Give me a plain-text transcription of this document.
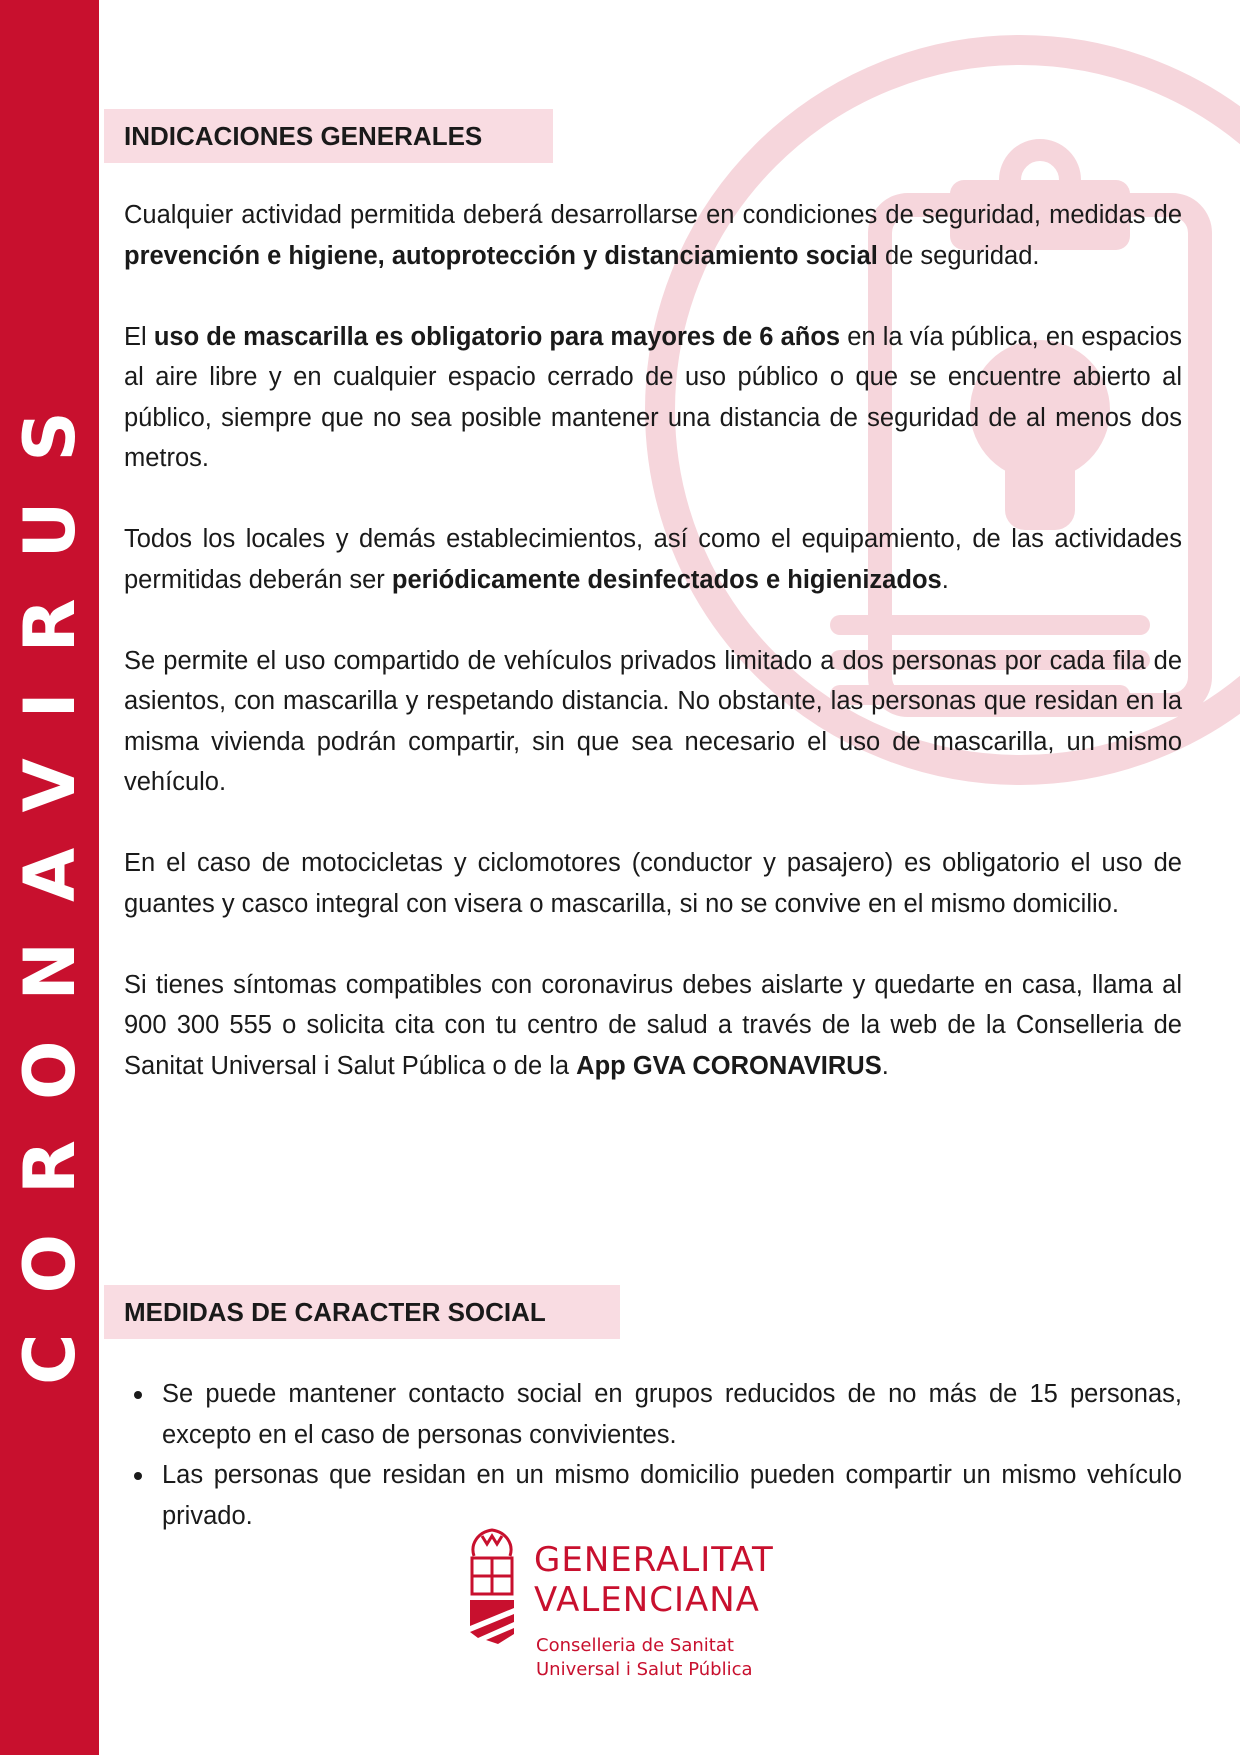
CORONAVIRUS
INDICACIONES GENERALES

Cualquier actividad permitida deberá desarrollarse en condiciones de seguridad, medidas de prevención e higiene, autoprotección y distanciamiento social de seguridad.

El uso de mascarilla es obligatorio para mayores de 6 años en la vía pública, en espacios al aire libre y en cualquier espacio cerrado de uso público o que se encuentre abierto al público, siempre que no sea posible mantener una distancia de seguridad de al menos dos metros.

Todos los locales y demás establecimientos, así como el equipamiento, de las actividades permitidas deberán ser periódicamente desinfectados e higienizados.

Se permite el uso compartido de vehículos privados limitado a dos personas por cada fila de asientos, con mascarilla y respetando distancia. No obstante, las personas que residan en la misma vivienda podrán compartir, sin que sea necesario el uso de mascarilla, un mismo vehículo.

En el caso de motocicletas y ciclomotores (conductor y pasajero) es obligatorio el uso de guantes y casco integral con visera o mascarilla, si no se convive en el mismo domicilio.

Si tienes síntomas compatibles con coronavirus debes aislarte y quedarte en casa, llama al 900 300 555 o solicita cita con tu centro de salud a través de la web de la Conselleria de Sanitat Universal i Salut Pública o de la App GVA CORONAVIRUS.

MEDIDAS DE CARACTER SOCIAL
Se puede mantener contacto social en grupos reducidos de no más de 15 personas, excepto en el caso de personas convivientes.
Las personas que residan en un mismo domicilio pueden compartir un mismo vehículo privado.
GENERALITAT
VALENCIANA
Conselleria de Sanitat
Universal i Salut Pública
